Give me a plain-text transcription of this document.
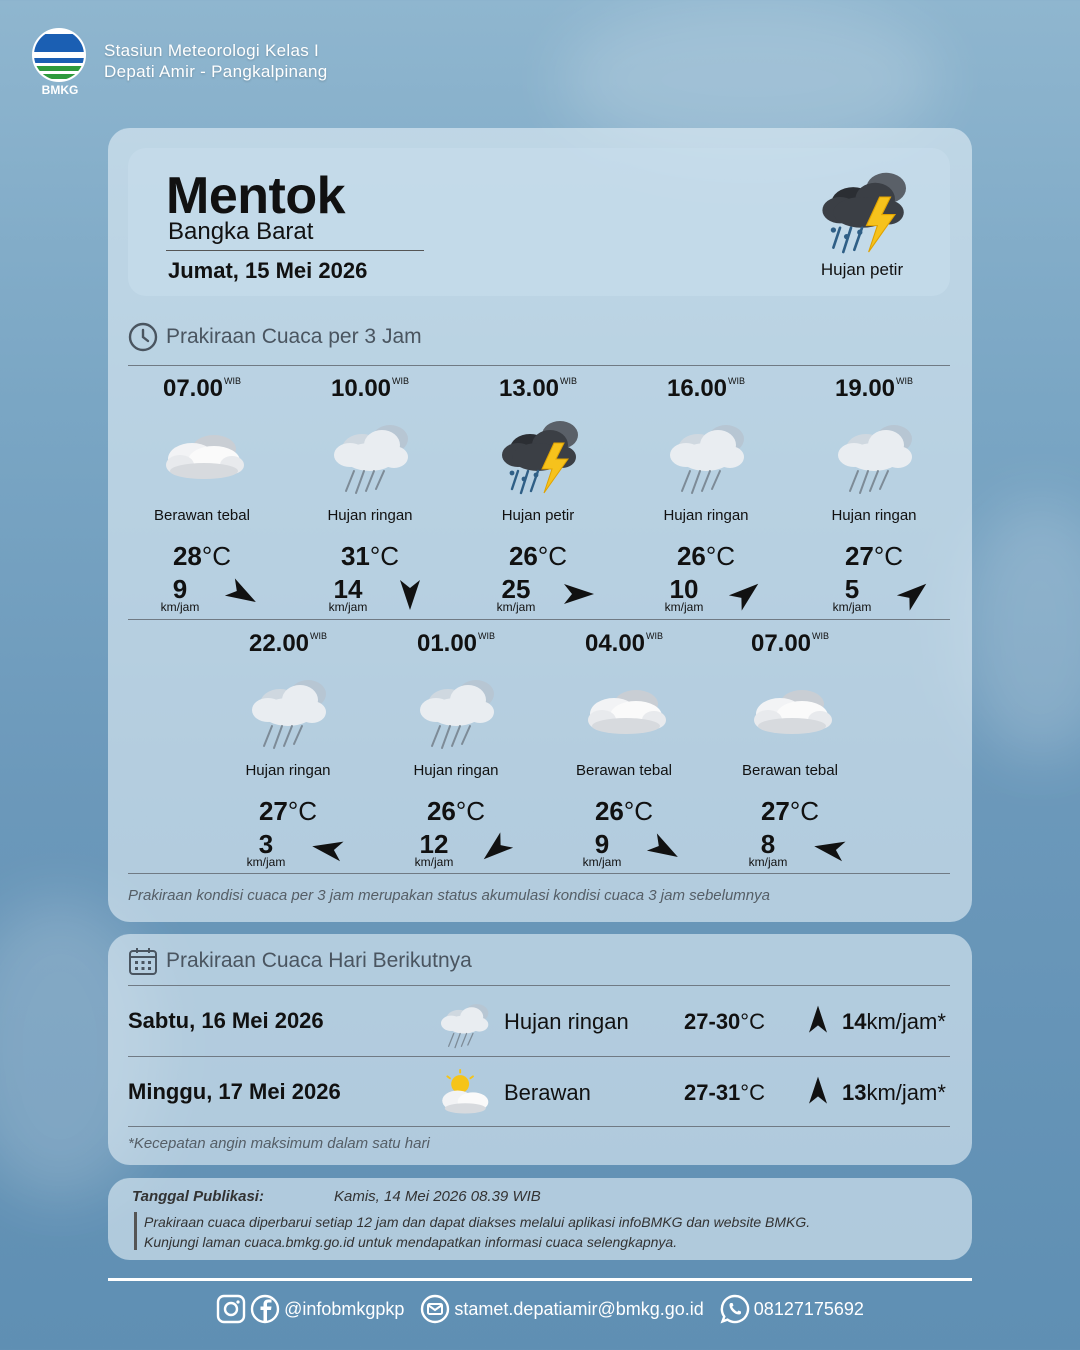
BMKG
Stasiun Meteorologi Kelas I
Depati Amir - Pangkalpinang
Mentok
Bangka Barat
Jumat, 15 Mei 2026	Hujan petir
Prakiraan Cuaca per 3 Jam
$07.00^{WIB}$
Berawan tebal
28°C
9
km/jam
$10.00^{WIB}$
Hujan ringan
31°C
14
km/jam
$13.00^{WIB}$
Hujan petir
26°C
25
km/jam
$16.00^{WIB}$
Hujan ringan
26°C
10
km/jam
$19.00^{WIB}$
Hujan ringan
27°C
5
km/jam
$22.00^{WIB}$
Hujan ringan
27°C
3
km/jam
$01.00^{WIB}$
Hujan ringan
26°C
12
km/jam
$04.00^{WIB}$
Berawan tebal
26°C
9
km/jam
$07.00^{WIB}$
Berawan tebal
27°C
8
km/jam
Prakiraan kondisi cuaca per 3 jam merupakan status akumulasi kondisi cuaca 3 jam sebelumnya
Prakiraan Cuaca Hari Berikutnya
Sabtu, 16 Mei 2026	Hujan ringan	27-30°C	14km/jam*
Minggu, 17 Mei 2026	Berawan	27-31°C	13km/jam*
*Kecepatan angin maksimum dalam satu hari
Tanggal Publikasi:	Kamis, 14 Mei 2026 08.39 WIB
Prakiraan cuaca diperbarui setiap 12 jam dan dapat diakses melalui aplikasi infoBMKG dan website BMKG.
Kunjungi laman cuaca.bmkg.go.id untuk mendapatkan informasi cuaca selengkapnya.
@infobmkgpkp	stamet.depatiamir@bmkg.go.id	08127175692
